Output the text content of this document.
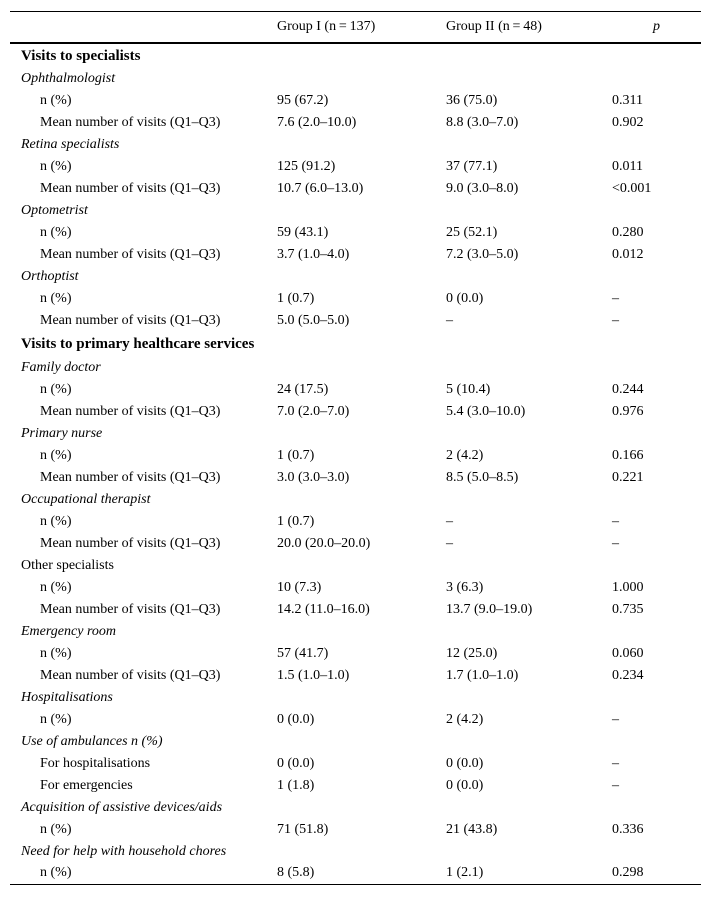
	Group I (n = 137)	Group II (n = 48)	p
Visits to specialists			
Ophthalmologist			
n (%)	95 (67.2)	36 (75.0)	0.311
Mean number of visits (Q1–Q3)	7.6 (2.0–10.0)	8.8 (3.0–7.0)	0.902
Retina specialists			
n (%)	125 (91.2)	37 (77.1)	0.011
Mean number of visits (Q1–Q3)	10.7 (6.0–13.0)	9.0 (3.0–8.0)	<0.001
Optometrist			
n (%)	59 (43.1)	25 (52.1)	0.280
Mean number of visits (Q1–Q3)	3.7 (1.0–4.0)	7.2 (3.0–5.0)	0.012
Orthoptist			
n (%)	1 (0.7)	0 (0.0)	–
Mean number of visits (Q1–Q3)	5.0 (5.0–5.0)	–	–
Visits to primary healthcare services			
Family doctor			
n (%)	24 (17.5)	5 (10.4)	0.244
Mean number of visits (Q1–Q3)	7.0 (2.0–7.0)	5.4 (3.0–10.0)	0.976
Primary nurse			
n (%)	1 (0.7)	2 (4.2)	0.166
Mean number of visits (Q1–Q3)	3.0 (3.0–3.0)	8.5 (5.0–8.5)	0.221
Occupational therapist			
n (%)	1 (0.7)	–	–
Mean number of visits (Q1–Q3)	20.0 (20.0–20.0)	–	–
Other specialists			
n (%)	10 (7.3)	3 (6.3)	1.000
Mean number of visits (Q1–Q3)	14.2 (11.0–16.0)	13.7 (9.0–19.0)	0.735
Emergency room			
n (%)	57 (41.7)	12 (25.0)	0.060
Mean number of visits (Q1–Q3)	1.5 (1.0–1.0)	1.7 (1.0–1.0)	0.234
Hospitalisations			
n (%)	0 (0.0)	2 (4.2)	–
Use of ambulances n (%)			
For hospitalisations	0 (0.0)	0 (0.0)	–
For emergencies	1 (1.8)	0 (0.0)	–
Acquisition of assistive devices/aids			
n (%)	71 (51.8)	21 (43.8)	0.336
Need for help with household chores			
n (%)	8 (5.8)	1 (2.1)	0.298
